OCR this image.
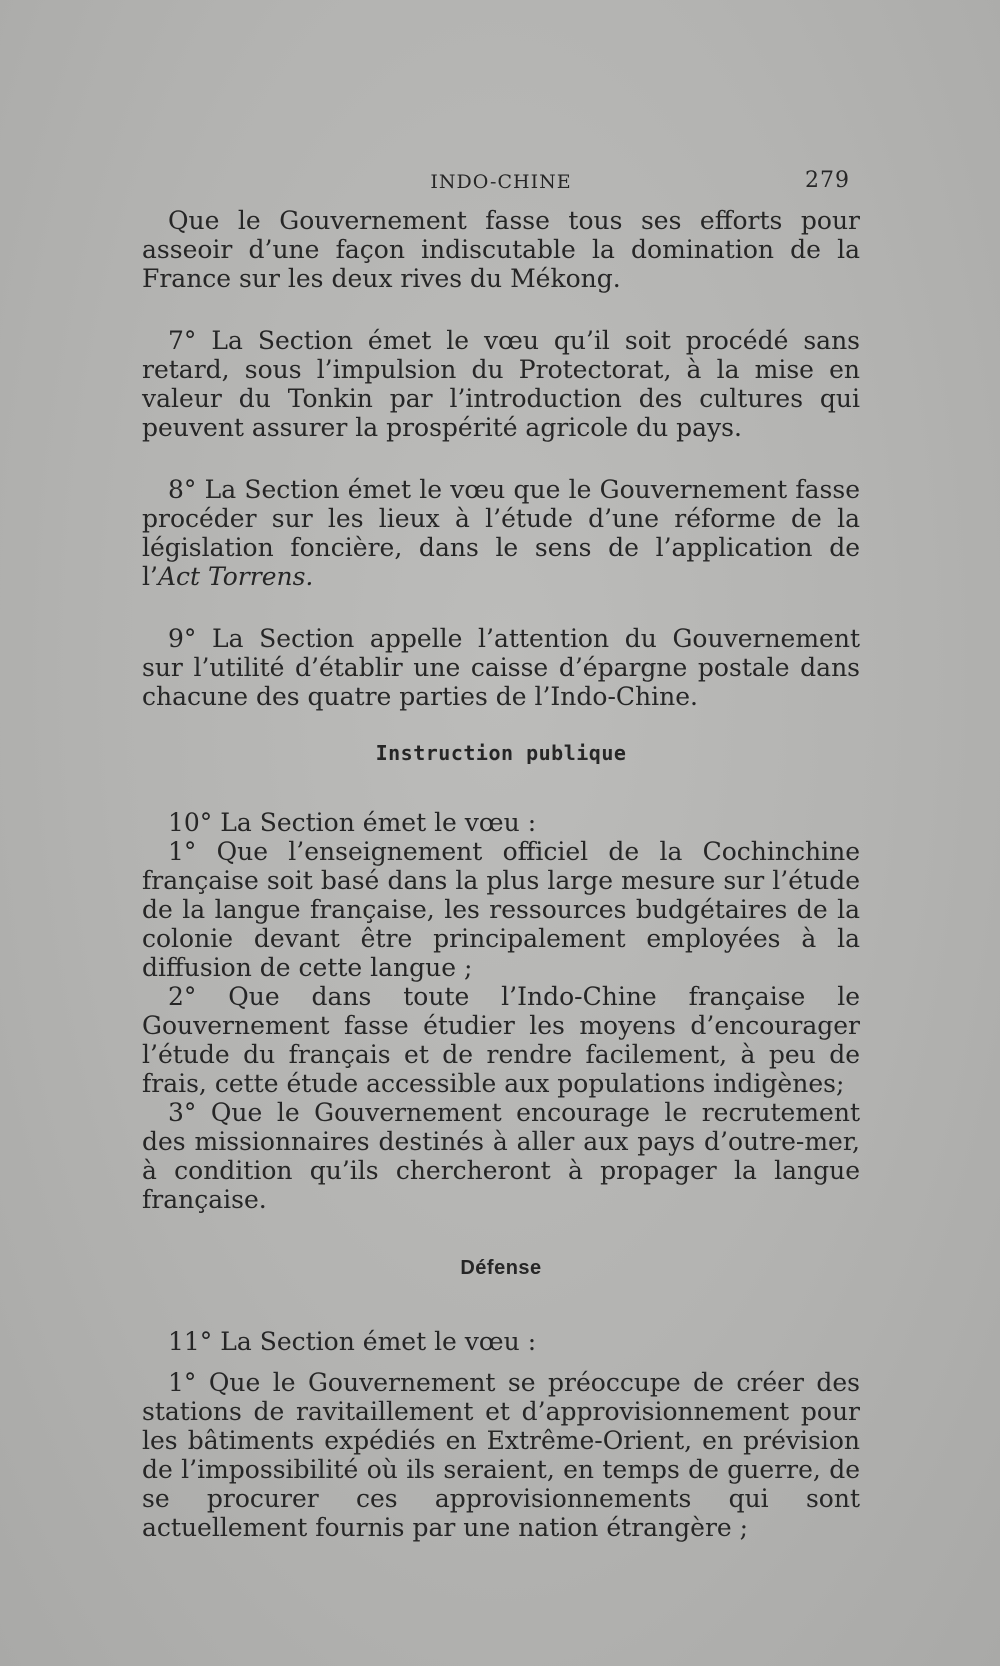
INDO-CHINE	279

Que le Gouvernement fasse tous ses efforts pour asseoir d’une façon indiscutable la domination de la France sur les deux rives du Mékong.

7° La Section émet le vœu qu’il soit procédé sans retard, sous l’impulsion du Protectorat, à la mise en valeur du Tonkin par l’introduction des cultures qui peuvent assurer la prospérité agricole du pays.

8° La Section émet le vœu que le Gouvernement fasse procéder sur les lieux à l’étude d’une réforme de la législation foncière, dans le sens de l’application de l’Act Torrens.

9° La Section appelle l’attention du Gouvernement sur l’utilité d’établir une caisse d’épargne postale dans chacune des quatre parties de l’Indo-Chine.

Instruction publique

10° La Section émet le vœu :

1° Que l’enseignement officiel de la Cochinchine française soit basé dans la plus large mesure sur l’étude de la langue française, les ressources budgétaires de la colonie devant être principalement employées à la diffusion de cette langue ;

2° Que dans toute l’Indo-Chine française le Gouvernement fasse étudier les moyens d’encourager l’étude du français et de rendre facilement, à peu de frais, cette étude accessible aux populations indigènes;

3° Que le Gouvernement encourage le recrutement des missionnaires destinés à aller aux pays d’outre-mer, à condition qu’ils chercheront à propager la langue française.

Défense

11° La Section émet le vœu :

1° Que le Gouvernement se préoccupe de créer des stations de ravitaillement et d’approvisionnement pour les bâtiments expédiés en Extrême-Orient, en prévision de l’impossibilité où ils seraient, en temps de guerre, de se procurer ces approvisionnements qui sont actuellement fournis par une nation étrangère ;
